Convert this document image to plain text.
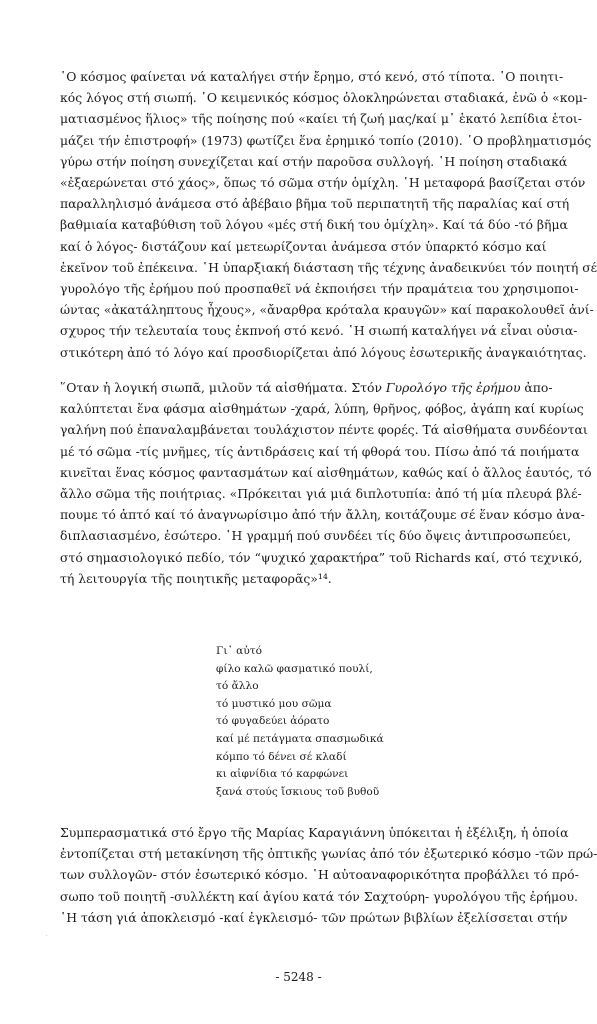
῾Ο κόσμος φαίνεται νά καταλήγει στήν ἔρημο, στό κενό, στό τίποτα. ῾Ο ποιητι-
κός λόγος στή σιωπή. ῾Ο κειμενικός κόσμος ὁλοκληρώνεται σταδιακά, ἐνῶ ὁ «κομ-
ματιασμένος ἥλιος» τῆς ποίησης πού «καίει τή ζωή μας/καί μ᾽ ἑκατό λεπίδια ἑτοι-
μάζει τήν ἐπιστροφή» (1973) φωτίζει ἕνα ἐρημικό τοπίο (2010). ῾Ο προβληματισμός
γύρω στήν ποίηση συνεχίζεται καί στήν παροῦσα συλλογή. ῾Η ποίηση σταδιακά
«ἐξαερώνεται στό χάος», ὅπως τό σῶμα στήν ὁμίχλη. ῾Η μεταφορά βασίζεται στόν
παραλληλισμό ἀνάμεσα στό ἀβέβαιο βῆμα τοῦ περιπατητῆ τῆς παραλίας καί στή
βαθμιαία καταβύθιση τοῦ λόγου «μές στή δική του ὁμίχλη». Καί τά δύο -τό βῆμα
καί ὁ λόγος- διστάζουν καί μετεωρίζονται ἀνάμεσα στόν ὑπαρκτό κόσμο καί
ἐκεῖνον τοῦ ἐπέκεινα. ῾Η ὑπαρξιακή διάσταση τῆς τέχνης ἀναδεικνύει τόν ποιητή σέ
γυρολόγο τῆς ἐρήμου πού προσπαθεῖ νά ἐκποιήσει τήν πραμάτεια του χρησιμοποι-
ώντας «ἀκατάληπτους ἦχους», «ἄναρθρα κρόταλα κραυγῶν» καί παρακολουθεῖ ἀνί-
σχυρος τήν τελευταία τους ἐκπνοή στό κενό. ῾Η σιωπή καταλήγει νά εἶναι οὐσια-
στικότερη ἀπό τό λόγο καί προσδιορίζεται ἀπό λόγους ἐσωτερικῆς ἀναγκαιότητας.
῞Οταν ἡ λογική σιωπᾶ, μιλοῦν τά αἰσθήματα. Στόν Γυρολόγο τῆς ἐρήμου ἀπο-
καλύπτεται ἕνα φάσμα αἰσθημάτων -χαρά, λύπη, θρῆνος, φόβος, ἀγάπη καί κυρίως
γαλήνη πού ἐπαναλαμβάνεται τουλάχιστον πέντε φορές. Τά αἰσθήματα συνδέονται
μέ τό σῶμα -τίς μνῆμες, τίς ἀντιδράσεις καί τή φθορά του. Πίσω ἀπό τά ποιήματα
κινεῖται ἕνας κόσμος φαντασμάτων καί αἰσθημάτων, καθώς καί ὁ ἄλλος ἑαυτός, τό
ἄλλο σῶμα τῆς ποιήτριας. «Πρόκειται γιά μιά διπλοτυπία: ἀπό τή μία πλευρά βλέ-
πουμε τό ἁπτό καί τό ἀναγνωρίσιμο ἀπό τήν ἄλλη, κοιτάζουμε σέ ἕναν κόσμο ἀνα-
διπλασιασμένο, ἐσώτερο. ῾Η γραμμή πού συνδέει τίς δύο ὄψεις ἀντιπροσωπεύει,
στό σημασιολογικό πεδίο, τόν “ψυχικό χαρακτήρα” τοῦ Richards καί, στό τεχνικό,
τή λειτουργία τῆς ποιητικῆς μεταφορᾶς»¹⁴.
Γι᾽ αὐτό
φίλο καλῶ φασματικό πουλί,
τό ἄλλο
τό μυστικό μου σῶμα
τό φυγαδεύει ἀόρατο
καί μέ πετάγματα σπασμωδικά
κόμπο τό δένει σέ κλαδί
κι αἰφνίδια τό καρφώνει
ξανά στούς ἴσκιους τοῦ βυθοῦ
Συμπερασματικά στό ἔργο τῆς Μαρίας Καραγιάννη ὑπόκειται ἡ ἐξέλιξη, ἡ ὁποία
ἐντοπίζεται στή μετακίνηση τῆς ὀπτικῆς γωνίας ἀπό τόν ἐξωτερικό κόσμο -τῶν πρώ-
των συλλογῶν- στόν ἐσωτερικό κόσμο. ῾Η αὐτοαναφορικότητα προβάλλει τό πρό-
σωπο τοῦ ποιητῆ -συλλέκτη καί ἁγίου κατά τόν Σαχτούρη- γυρολόγου τῆς ἐρήμου.
῾Η τάση γιά ἀποκλεισμό -καί ἐγκλεισμό- τῶν πρώτων βιβλίων ἐξελίσσεται στήν
- 5248 -
